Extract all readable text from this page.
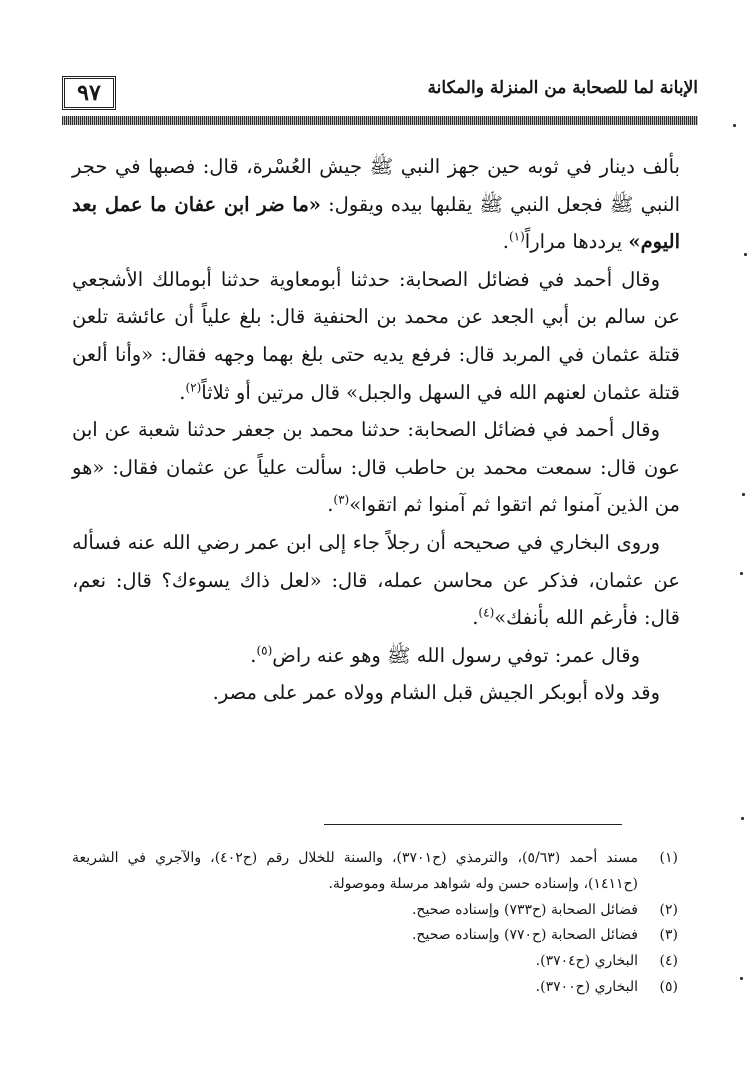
٩٧	الإبانة لما للصحابة من المنزلة والمكانة

بألف دينار في ثوبه حين جهز النبي ﷺ جيش العُسْرة، قال: فصبها في حجر النبي ﷺ فجعل النبي ﷺ يقلبها بيده ويقول: «ما ضر ابن عفان ما عمل بعد اليوم» يرددها مراراً$^{(١)}$.

وقال أحمد في فضائل الصحابة: حدثنا أبومعاوية حدثنا أبومالك الأشجعي عن سالم بن أبي الجعد عن محمد بن الحنفية قال: بلغ علياً أن عائشة تلعن قتلة عثمان في المربد قال: فرفع يديه حتى بلغ بهما وجهه فقال: «وأنا ألعن قتلة عثمان لعنهم الله في السهل والجبل» قال مرتين أو ثلاثاً$^{(٢)}$.

وقال أحمد في فضائل الصحابة: حدثنا محمد بن جعفر حدثنا شعبة عن ابن عون قال: سمعت محمد بن حاطب قال: سألت علياً عن عثمان فقال: «هو من الذين آمنوا ثم اتقوا ثم آمنوا ثم اتقوا»$^{(٣)}$.

وروى البخاري في صحيحه أن رجلاً جاء إلى ابن عمر رضي الله عنه فسأله عن عثمان، فذكر عن محاسن عمله، قال: «لعل ذاك يسوءك؟ قال: نعم، قال: فأرغم الله بأنفك»$^{(٤)}$.

وقال عمر: توفي رسول الله ﷺ وهو عنه راض$^{(٥)}$.

وقد ولاه أبوبكر الجيش قبل الشام وولاه عمر على مصر.

(١)
مسند أحمد (٥/٦٣)، والترمذي (ح٣٧٠١)، والسنة للخلال رقم (ح٤٠٢)، والآجري في الشريعة (ح١٤١١)، وإسناده حسن وله شواهد مرسلة وموصولة.
(٢)
فضائل الصحابة (ح٧٣٣) وإسناده صحيح.
(٣)
فضائل الصحابة (ح٧٧٠) وإسناده صحيح.
(٤)
البخاري (ح٣٧٠٤).
(٥)
البخاري (ح٣٧٠٠).
